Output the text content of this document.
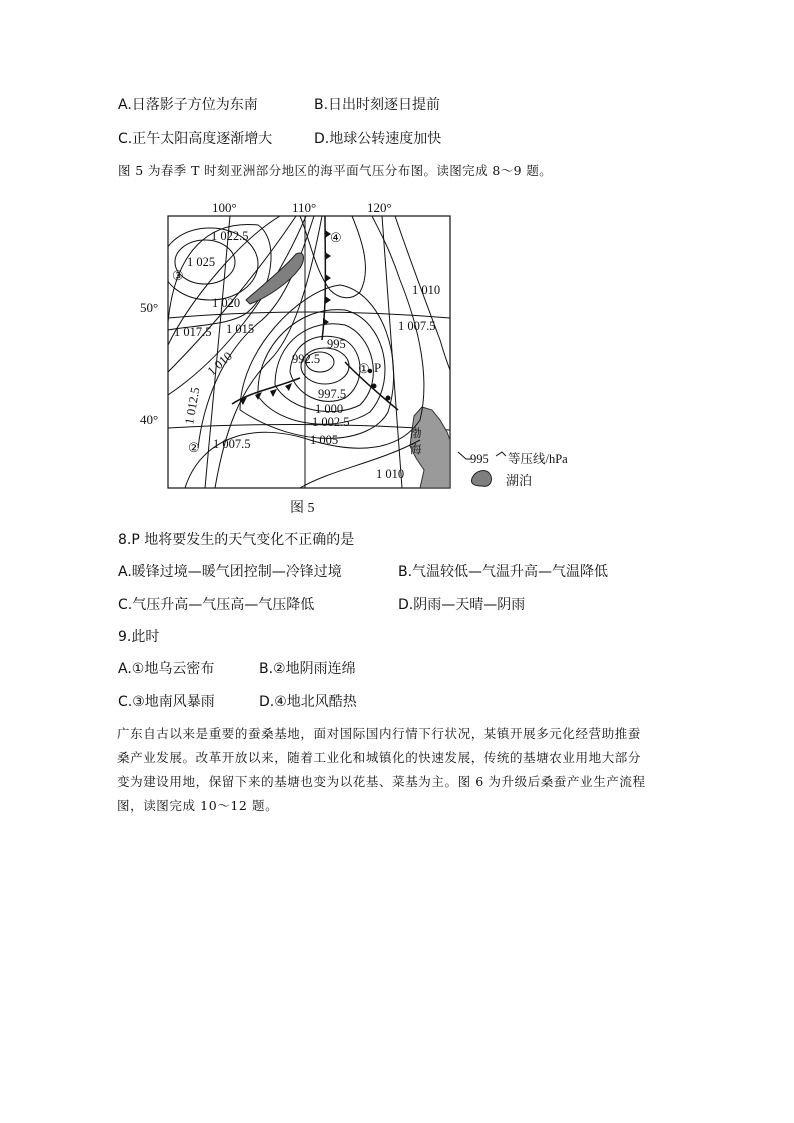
A.日落影子方位为东南	B.日出时刻逐日提前
C.正午太阳高度逐渐增大	D.地球公转速度加快
图 5 为春季 T 时刻亚洲部分地区的海平面气压分布图。读图完成 8～9 题。
100°	110°	120°
50°
40°
1 022.5
1 025
1 020
1 017.5 1 015
1 010
1 012.5
1 007.5	1 005
1 002.5
1 000
997.5
995
992.5
1 010
1 007.5
1 010
①
②
③
④
P
渤
海
995 等压线/hPa
湖泊
图 5
8.P 地将要发生的天气变化不正确的是
A.暖锋过境—暖气团控制—冷锋过境	B.气温较低—气温升高—气温降低
C.气压升高—气压高—气压降低	D.阴雨—天晴—阴雨
9.此时
A.①地乌云密布	B.②地阴雨连绵
C.③地南风暴雨	D.④地北风酷热

广东自古以来是重要的蚕桑基地，面对国际国内行情下行状况，某镇开展多元化经营助推蚕

桑产业发展。改革开放以来，随着工业化和城镇化的快速发展，传统的基塘农业用地大部分

变为建设用地，保留下来的基塘也变为以花基、菜基为主。图 6 为升级后桑蚕产业生产流程

图，读图完成 10～12 题。
